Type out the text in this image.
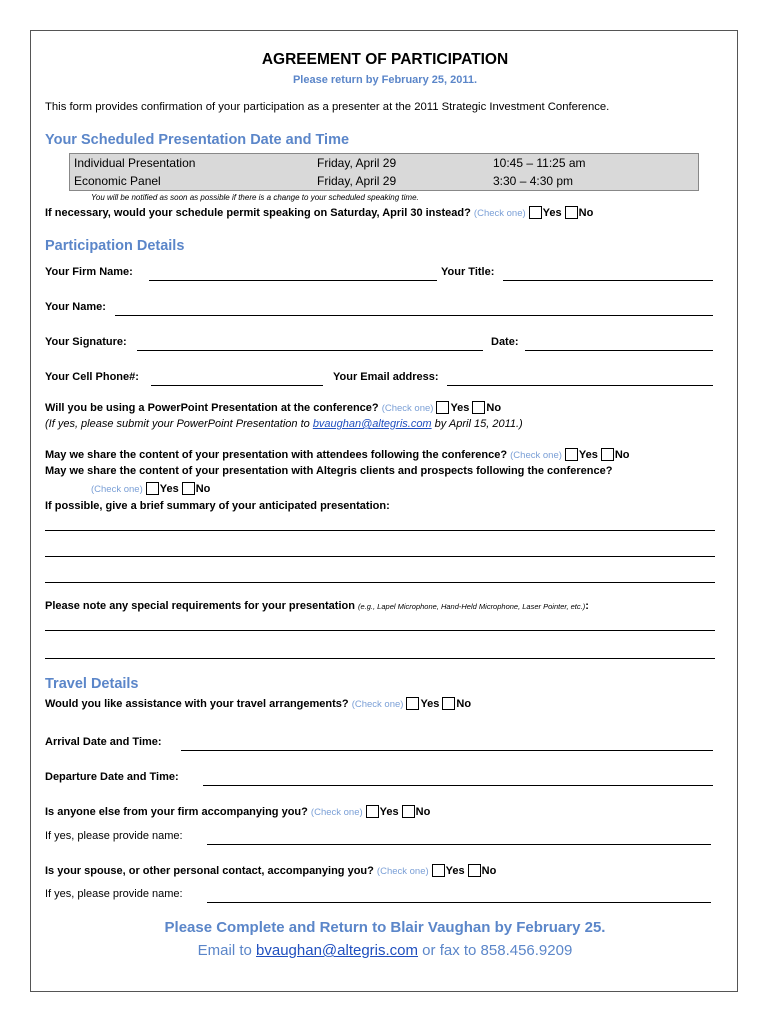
AGREEMENT OF PARTICIPATION
Please return by February 25, 2011.
This form provides confirmation of your participation as a presenter at the 2011 Strategic Investment Conference.
Your Scheduled Presentation Date and Time
Individual Presentation	Friday, April 29	10:45 – 11:25 am
Economic Panel	Friday, April 29	3:30 – 4:30 pm
You will be notified as soon as possible if there is a change to your scheduled speaking time.
If necessary, would your schedule permit speaking on Saturday, April 30 instead? (Check one) Yes No
Participation Details
Your Firm Name:	Your Title:
Your Name:
Your Signature:	Date:
Your Cell Phone#:	Your Email address:
Will you be using a PowerPoint Presentation at the conference? (Check one) Yes No
(If yes, please submit your PowerPoint Presentation to bvaughan@altegris.com by April 15, 2011.)
May we share the content of your presentation with attendees following the conference? (Check one) Yes No
May we share the content of your presentation with Altegris clients and prospects following the conference?
(Check one) Yes No
If possible, give a brief summary of your anticipated presentation:
Please note any special requirements for your presentation (e.g., Lapel Microphone, Hand-Held Microphone, Laser Pointer, etc.):
Travel Details
Would you like assistance with your travel arrangements? (Check one) Yes No
Arrival Date and Time:
Departure Date and Time:
Is anyone else from your firm accompanying you? (Check one) Yes No
If yes, please provide name:
Is your spouse, or other personal contact, accompanying you? (Check one) Yes No
If yes, please provide name:
Please Complete and Return to Blair Vaughan by February 25.
Email to bvaughan@altegris.com or fax to 858.456.9209
